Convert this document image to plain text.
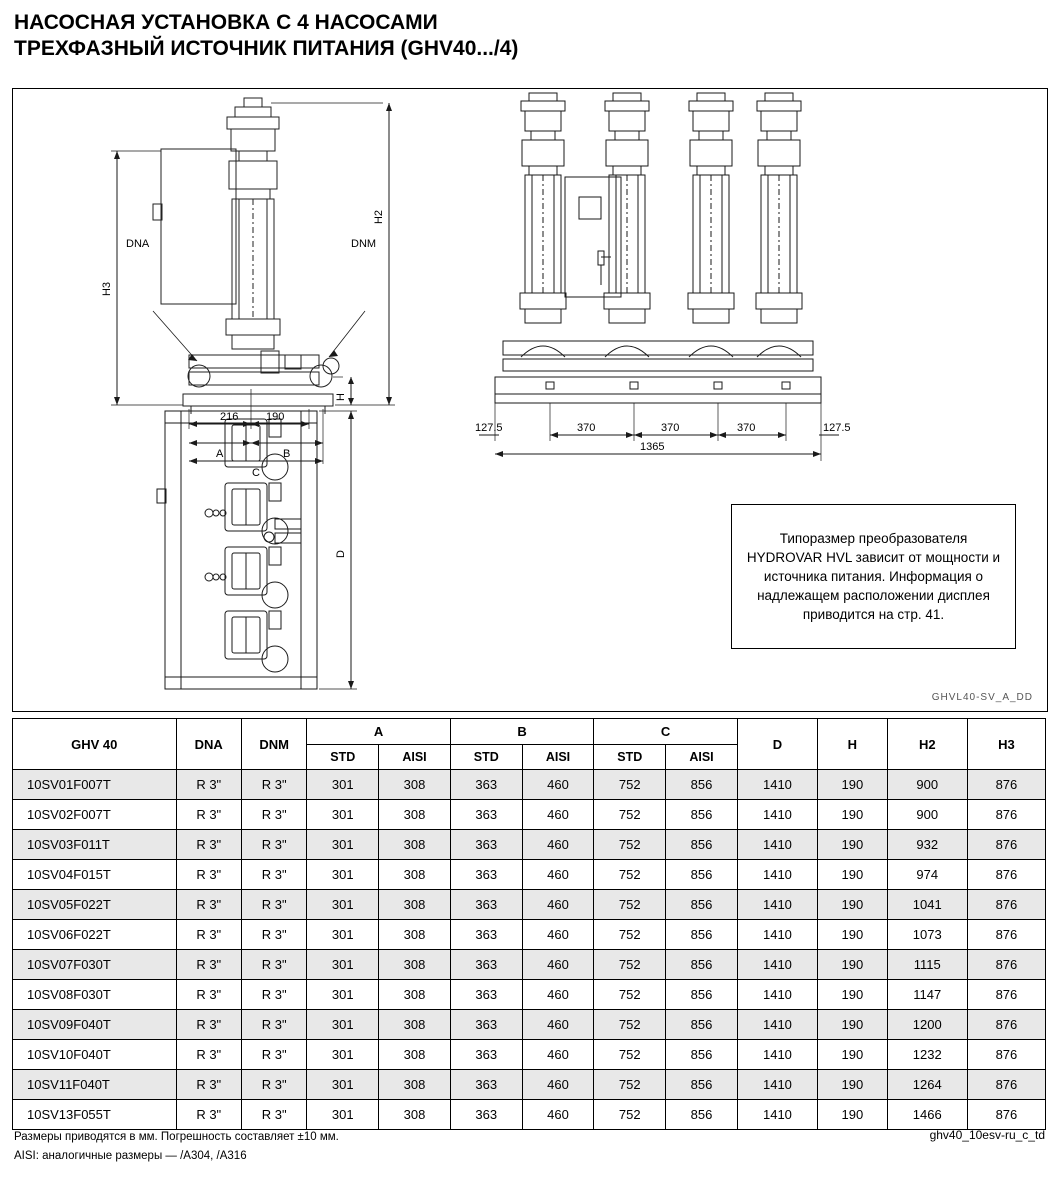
НАСОСНАЯ УСТАНОВКА С 4 НАСОСАМИ
ТРЕХФАЗНЫЙ ИСТОЧНИК ПИТАНИЯ (GHV40.../4)
H3
H2
H
D
DNA	DNM
216	190
A	B
C
127.5	370	370	370	127.5
1365
Типоразмер преобразователя HYDROVAR HVL зависит от мощности и источника питания. Информация о надлежащем расположении дисплея приводится на стр. 41.
GHVL40-SV_A_DD
GHV 40	DNA	DNM	A		B		C		D	H	H2	H3
			STD	AISI	STD	AISI	STD	AISI				
10SV01F007T	R 3"	R 3"	301	308	363	460	752	856	1410	190	900	876
10SV02F007T	R 3"	R 3"	301	308	363	460	752	856	1410	190	900	876
10SV03F011T	R 3"	R 3"	301	308	363	460	752	856	1410	190	932	876
10SV04F015T	R 3"	R 3"	301	308	363	460	752	856	1410	190	974	876
10SV05F022T	R 3"	R 3"	301	308	363	460	752	856	1410	190	1041	876
10SV06F022T	R 3"	R 3"	301	308	363	460	752	856	1410	190	1073	876
10SV07F030T	R 3"	R 3"	301	308	363	460	752	856	1410	190	1115	876
10SV08F030T	R 3"	R 3"	301	308	363	460	752	856	1410	190	1147	876
10SV09F040T	R 3"	R 3"	301	308	363	460	752	856	1410	190	1200	876
10SV10F040T	R 3"	R 3"	301	308	363	460	752	856	1410	190	1232	876
10SV11F040T	R 3"	R 3"	301	308	363	460	752	856	1410	190	1264	876
10SV13F055T	R 3"	R 3"	301	308	363	460	752	856	1410	190	1466	876
Размеры приводятся в мм. Погрешность составляет ±10 мм.
AISI: аналогичные размеры — /A304, /A316
ghv40_10esv-ru_c_td
